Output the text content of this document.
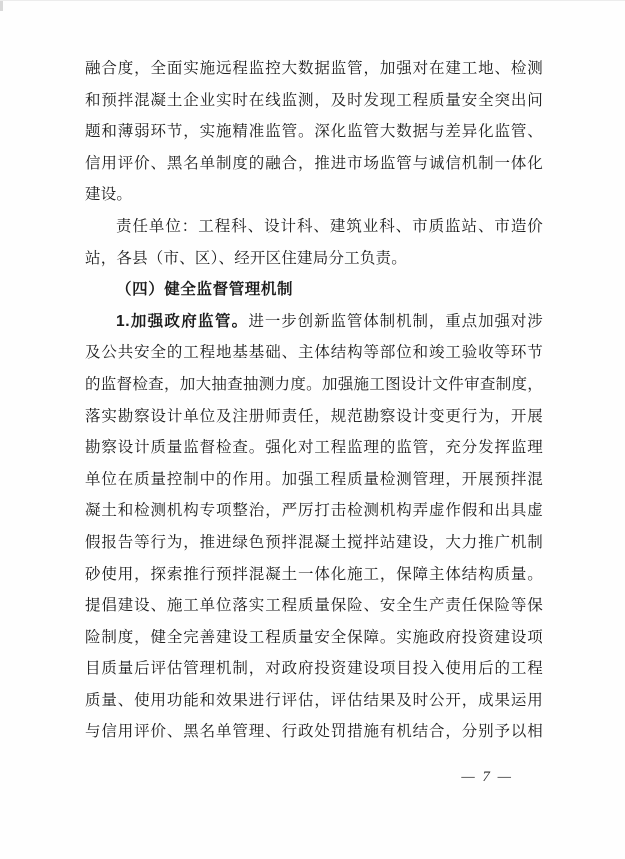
融合度，全面实施远程监控大数据监管，加强对在建工地、检测
和预拌混凝土企业实时在线监测，及时发现工程质量安全突出问
题和薄弱环节，实施精准监管。深化监管大数据与差异化监管、
信用评价、黑名单制度的融合，推进市场监管与诚信机制一体化
建设。
责任单位：工程科、设计科、建筑业科、市质监站、市造价
站，各县（市、区）、经开区住建局分工负责。
（四）健全监督管理机制
1.加强政府监管。进一步创新监管体制机制，重点加强对涉
及公共安全的工程地基基础、主体结构等部位和竣工验收等环节
的监督检查，加大抽查抽测力度。加强施工图设计文件审查制度，
落实勘察设计单位及注册师责任，规范勘察设计变更行为，开展
勘察设计质量监督检查。强化对工程监理的监管，充分发挥监理
单位在质量控制中的作用。加强工程质量检测管理，开展预拌混
凝土和检测机构专项整治，严厉打击检测机构弄虚作假和出具虚
假报告等行为，推进绿色预拌混凝土搅拌站建设，大力推广机制
砂使用，探索推行预拌混凝土一体化施工，保障主体结构质量。
提倡建设、施工单位落实工程质量保险、安全生产责任保险等保
险制度，健全完善建设工程质量安全保障。实施政府投资建设项
目质量后评估管理机制，对政府投资建设项目投入使用后的工程
质量、使用功能和效果进行评估，评估结果及时公开，成果运用
与信用评价、黑名单管理、行政处罚措施有机结合，分别予以相
— 7 —
